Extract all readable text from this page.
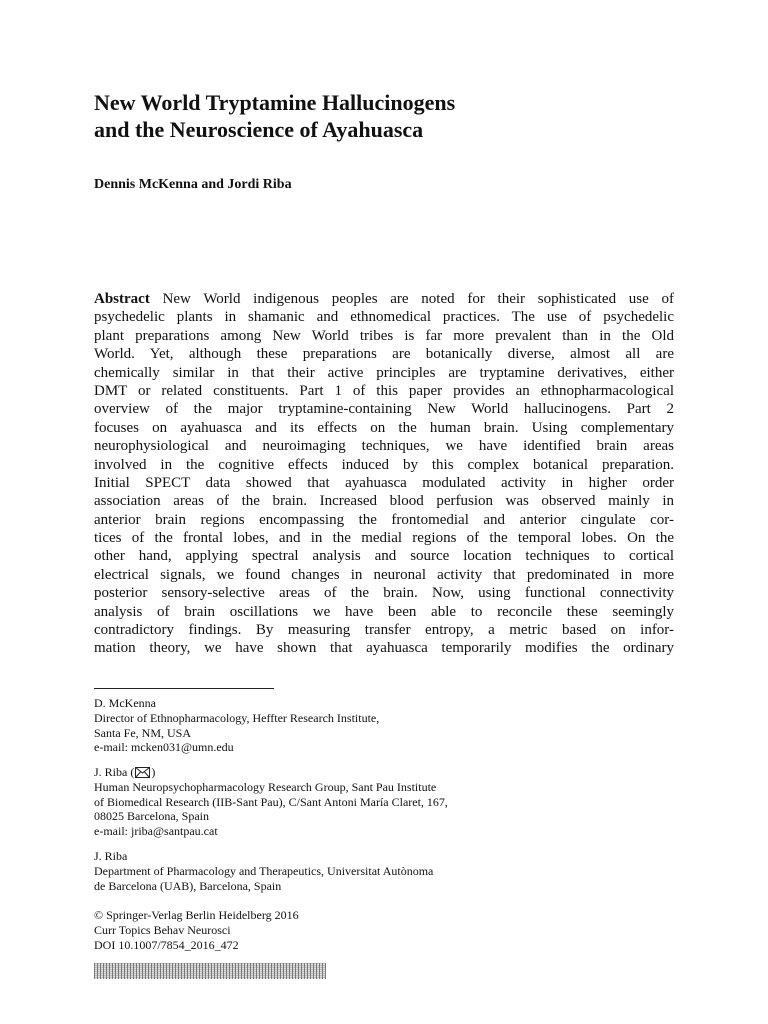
New World Tryptamine Hallucinogens
and the Neuroscience of Ayahuasca
Dennis McKenna and Jordi Riba
Abstract New World indigenous peoples are noted for their sophisticated use of
psychedelic plants in shamanic and ethnomedical practices. The use of psychedelic
plant preparations among New World tribes is far more prevalent than in the Old
World. Yet, although these preparations are botanically diverse, almost all are
chemically similar in that their active principles are tryptamine derivatives, either
DMT or related constituents. Part 1 of this paper provides an ethnopharmacological
overview of the major tryptamine-containing New World hallucinogens. Part 2
focuses on ayahuasca and its effects on the human brain. Using complementary
neurophysiological and neuroimaging techniques, we have identified brain areas
involved in the cognitive effects induced by this complex botanical preparation.
Initial SPECT data showed that ayahuasca modulated activity in higher order
association areas of the brain. Increased blood perfusion was observed mainly in
anterior brain regions encompassing the frontomedial and anterior cingulate cor-
tices of the frontal lobes, and in the medial regions of the temporal lobes. On the
other hand, applying spectral analysis and source location techniques to cortical
electrical signals, we found changes in neuronal activity that predominated in more
posterior sensory-selective areas of the brain. Now, using functional connectivity
analysis of brain oscillations we have been able to reconcile these seemingly
contradictory findings. By measuring transfer entropy, a metric based on infor-
mation theory, we have shown that ayahuasca temporarily modifies the ordinary
D. McKenna
Director of Ethnopharmacology, Heffter Research Institute,
Santa Fe, NM, USA
e-mail: mcken031@umn.edu
J. Riba ( )
Human Neuropsychopharmacology Research Group, Sant Pau Institute
of Biomedical Research (IIB-Sant Pau), C/Sant Antoni María Claret, 167,
08025 Barcelona, Spain
e-mail: jriba@santpau.cat
J. Riba
Department of Pharmacology and Therapeutics, Universitat Autònoma
de Barcelona (UAB), Barcelona, Spain
© Springer-Verlag Berlin Heidelberg 2016
Curr Topics Behav Neurosci
DOI 10.1007/7854_2016_472
